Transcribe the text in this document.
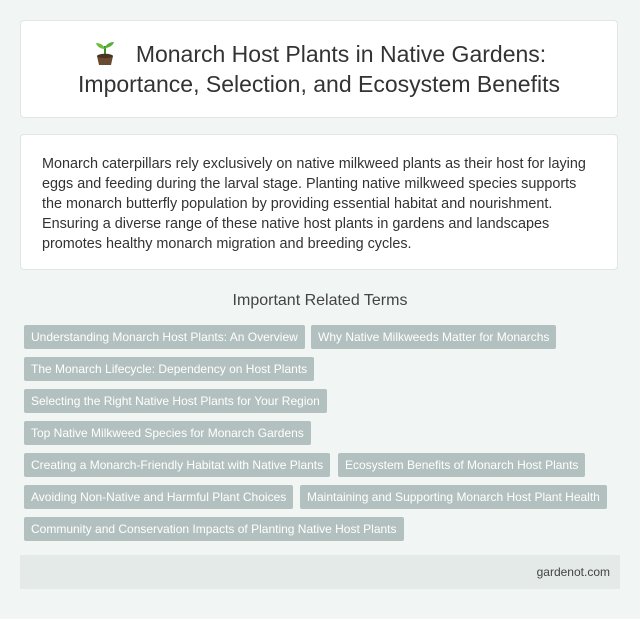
Monarch Host Plants in Native Gardens: Importance, Selection, and Ecosystem Benefits

Monarch caterpillars rely exclusively on native milkweed plants as their host for laying eggs and feeding during the larval stage. Planting native milkweed species supports the monarch butterfly population by providing essential habitat and nourishment. Ensuring a diverse range of these native host plants in gardens and landscapes promotes healthy monarch migration and breeding cycles.

Important Related Terms
Understanding Monarch Host Plants: An Overview	Why Native Milkweeds Matter for Monarchs
The Monarch Lifecycle: Dependency on Host Plants
Selecting the Right Native Host Plants for Your Region
Top Native Milkweed Species for Monarch Gardens
Creating a Monarch-Friendly Habitat with Native Plants	Ecosystem Benefits of Monarch Host Plants
Avoiding Non-Native and Harmful Plant Choices	Maintaining and Supporting Monarch Host Plant Health
Community and Conservation Impacts of Planting Native Host Plants
gardenot.com
